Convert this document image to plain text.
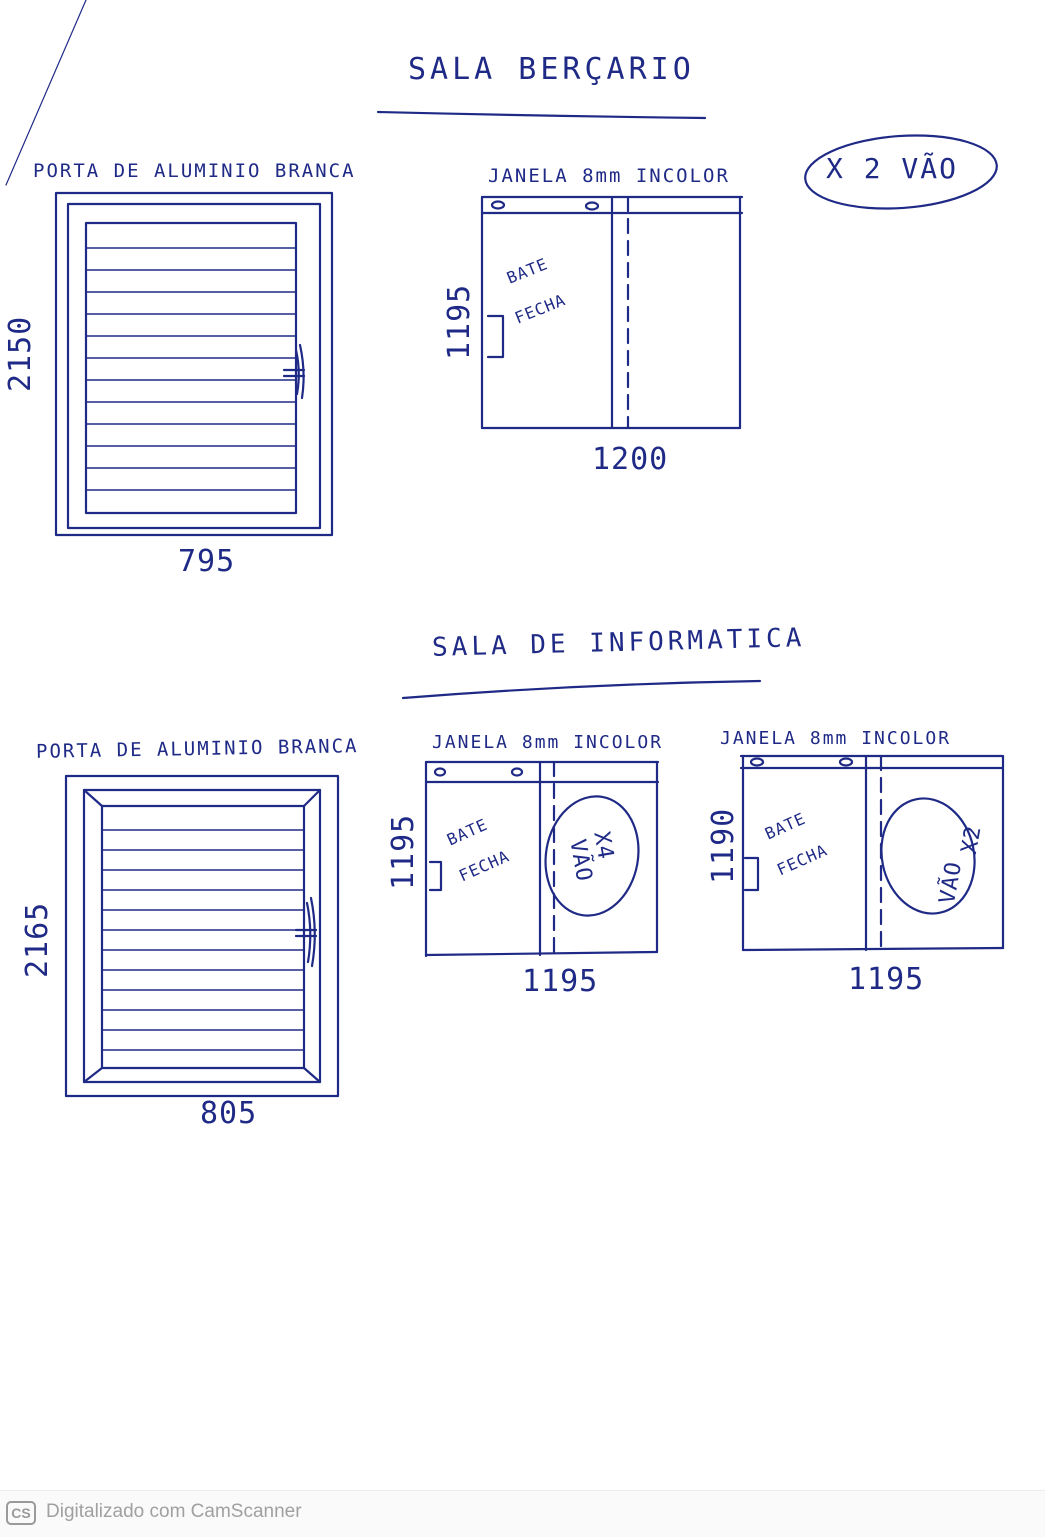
SALA BERÇARIO
PORTA DE ALUMINIO BRANCA
2150
795
JANELA 8mm INCOLOR	X 2 VÃO
BATE
FECHA
1195
1200
SALA DE INFORMATICA
PORTA DE ALUMINIO BRANCA
2165
805
JANELA 8mm INCOLOR
BATE
FECHA
1195
1195
X4
VÃO
JANELA 8mm INCOLOR
BATE
FECHA
1190
1195
X2
VÃO
CS Digitalizado com CamScanner
